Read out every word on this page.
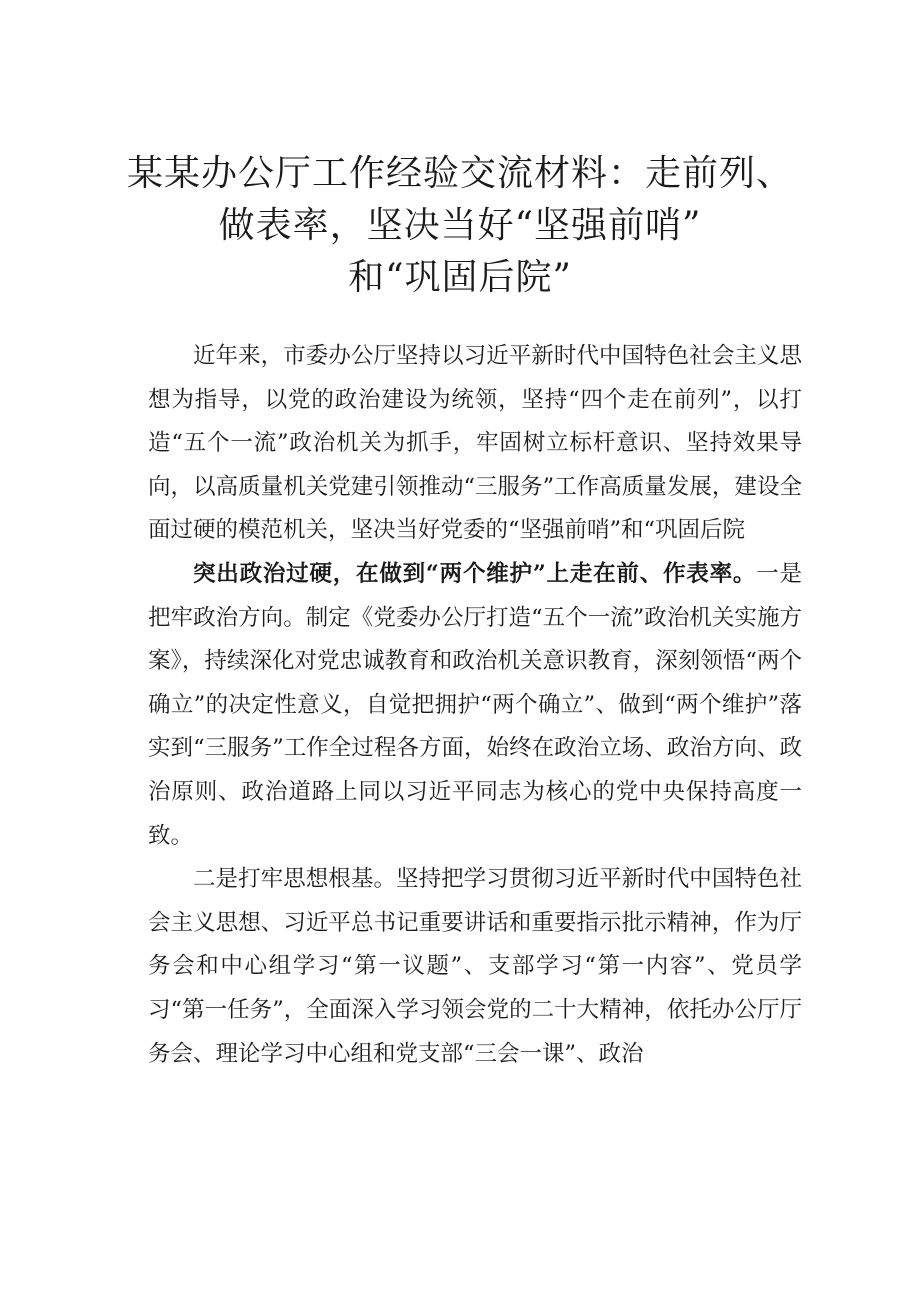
某某办公厅工作经验交流材料：走前列、
做表率，坚决当好“坚强前哨”
和“巩固后院”

近年来，市委办公厅坚持以习近平新时代中国特色社会主义思想为指导，以党的政治建设为统领，坚持“四个走在前列”，以打造“五个一流”政治机关为抓手，牢固树立标杆意识、坚持效果导向，以高质量机关党建引领推动“三服务”工作高质量发展，建设全面过硬的模范机关，坚决当好党委的“坚强前哨”和“巩固后院

突出政治过硬，在做到“两个维护”上走在前、作表率。一是把牢政治方向。制定《党委办公厅打造“五个一流”政治机关实施方案》，持续深化对党忠诚教育和政治机关意识教育，深刻领悟“两个确立”的决定性意义，自觉把拥护“两个确立”、做到“两个维护”落实到“三服务”工作全过程各方面，始终在政治立场、政治方向、政治原则、政治道路上同以习近平同志为核心的党中央保持高度一致。

二是打牢思想根基。坚持把学习贯彻习近平新时代中国特色社会主义思想、习近平总书记重要讲话和重要指示批示精神，作为厅务会和中心组学习“第一议题”、支部学习“第一内容”、党员学习“第一任务”，全面深入学习领会党的二十大精神，依托办公厅厅务会、理论学习中心组和党支部“三会一课”、政治
